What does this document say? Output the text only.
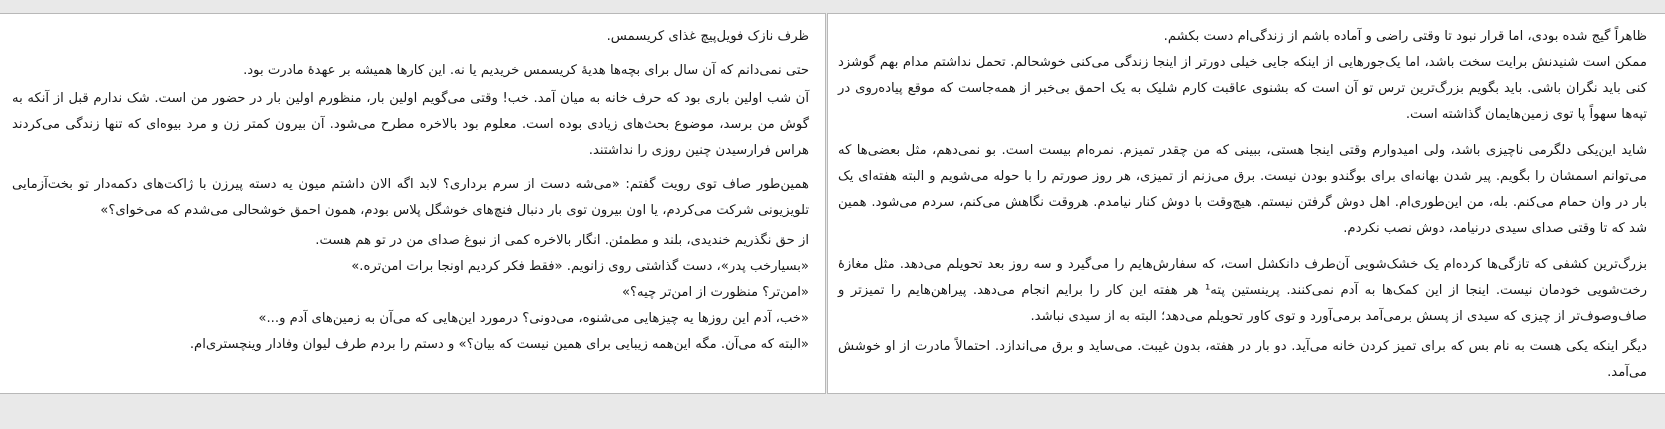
ظاهراً گیج شده بودی، اما قرار نبود تا وقتی راضی و آماده باشم از زندگی‌ام دست بکشم.

ممکن است شنیدنش برایت سخت باشد، اما یک‌جورهایی از اینکه جایی خیلی دورتر از اینجا زندگی می‌کنی خوشحالم. تحمل نداشتم مدام بهم گوشزد کنی باید نگران باشی. باید بگویم بزرگ‌ترین ترس تو آن است که بشنوی عاقبت کارم شلیک به یک احمق بی‌خبر از همه‌جاست که موقع پیاده‌روی در تپه‌ها سهواً پا توی زمین‌هایمان گذاشته است.

شاید این‌یکی دلگرمی ناچیزی باشد، ولی امیدوارم وقتی اینجا هستی، ببینی که من چقدر تمیزم. نمره‌ام بیست است. بو نمی‌دهم، مثل بعضی‌ها که می‌توانم اسمشان را بگویم. پیر شدن بهانه‌ای برای بوگندو بودن نیست. برق می‌زنم از تمیزی، هر روز صورتم را با حوله می‌شویم و البته هفته‌ای یک بار در وان حمام می‌کنم. بله، من این‌طوری‌ام. اهل دوش گرفتن نیستم. هیچ‌وقت با دوش کنار نیامدم. هروقت نگاهش می‌کنم، سردم می‌شود. همین شد که تا وقتی صدای سیدی درنیامد، دوش نصب نکردم.

بزرگ‌ترین کشفی که تازگی‌ها کرده‌ام یک خشک‌شویی آن‌طرف دانکشل است، که سفارش‌هایم را می‌گیرد و سه روز بعد تحویلم می‌دهد. مثل مغازهٔ رخت‌شویی خودمان نیست. اینجا از این کمک‌ها به آدم نمی‌کنند. پرینستین پته¹ هر هفته این کار را برایم انجام می‌دهد. پیراهن‌هایم را تمیزتر و صاف‌وصوف‌تر از چیزی که سیدی از پسش برمی‌آمد برمی‌آورد و توی کاور تحویلم می‌دهد؛ البته به از سیدی نباشد.

دیگر اینکه یکی هست به نام بس که برای تمیز کردن خانه می‌آید. دو بار در هفته، بدون غیبت. می‌ساید و برق می‌اندازد. احتمالاً مادرت از او خوشش می‌آمد.

ظرف نازک فویل‌پیچ غذای کریسمس.

حتی نمی‌دانم که آن سال برای بچه‌ها هدیهٔ کریسمس خریدیم یا نه. این کارها همیشه بر عهدهٔ مادرت بود.

آن شب اولین باری بود که حرف خانه به میان آمد. خب! وقتی می‌گویم اولین بار، منظورم اولین بار در حضور من است. شک ندارم قبل از آنکه به گوش من برسد، موضوع بحث‌های زیادی بوده است. معلوم بود بالاخره مطرح می‌شود. آن بیرون کمتر زن و مرد بیوه‌ای که تنها زندگی می‌کردند هراس فرارسیدن چنین روزی را نداشتند.

همین‌طور صاف توی رویت گفتم: «می‌شه دست از سرم برداری؟ لابد اگه الان داشتم میون یه دسته پیرزن با ژاکت‌های دکمه‌دار تو بخت‌آزمایی تلویزیونی شرکت می‌کردم، یا اون بیرون توی بار دنبال فنچ‌های خوشگل پلاس بودم، همون احمق خوشحالی می‌شدم که می‌خوای؟»

از حق نگذریم خندیدی، بلند و مطمئن. انگار بالاخره کمی از نبوغ صدای من در تو هم هست.

«بسیارخب پدر»، دست گذاشتی روی زانویم. «فقط فکر کردیم اونجا برات امن‌تره.»

«امن‌تر؟ منظورت از امن‌تر چیه؟»

«خب، آدم این روزها یه چیزهایی می‌شنوه، می‌دونی؟ درمورد این‌هایی که می‌آن به زمین‌های آدم و...»

«البته که می‌آن. مگه این‌همه زیبایی برای همین نیست که بیان؟» و دستم را بردم طرف لیوان وفادار وینچستری‌ام.
